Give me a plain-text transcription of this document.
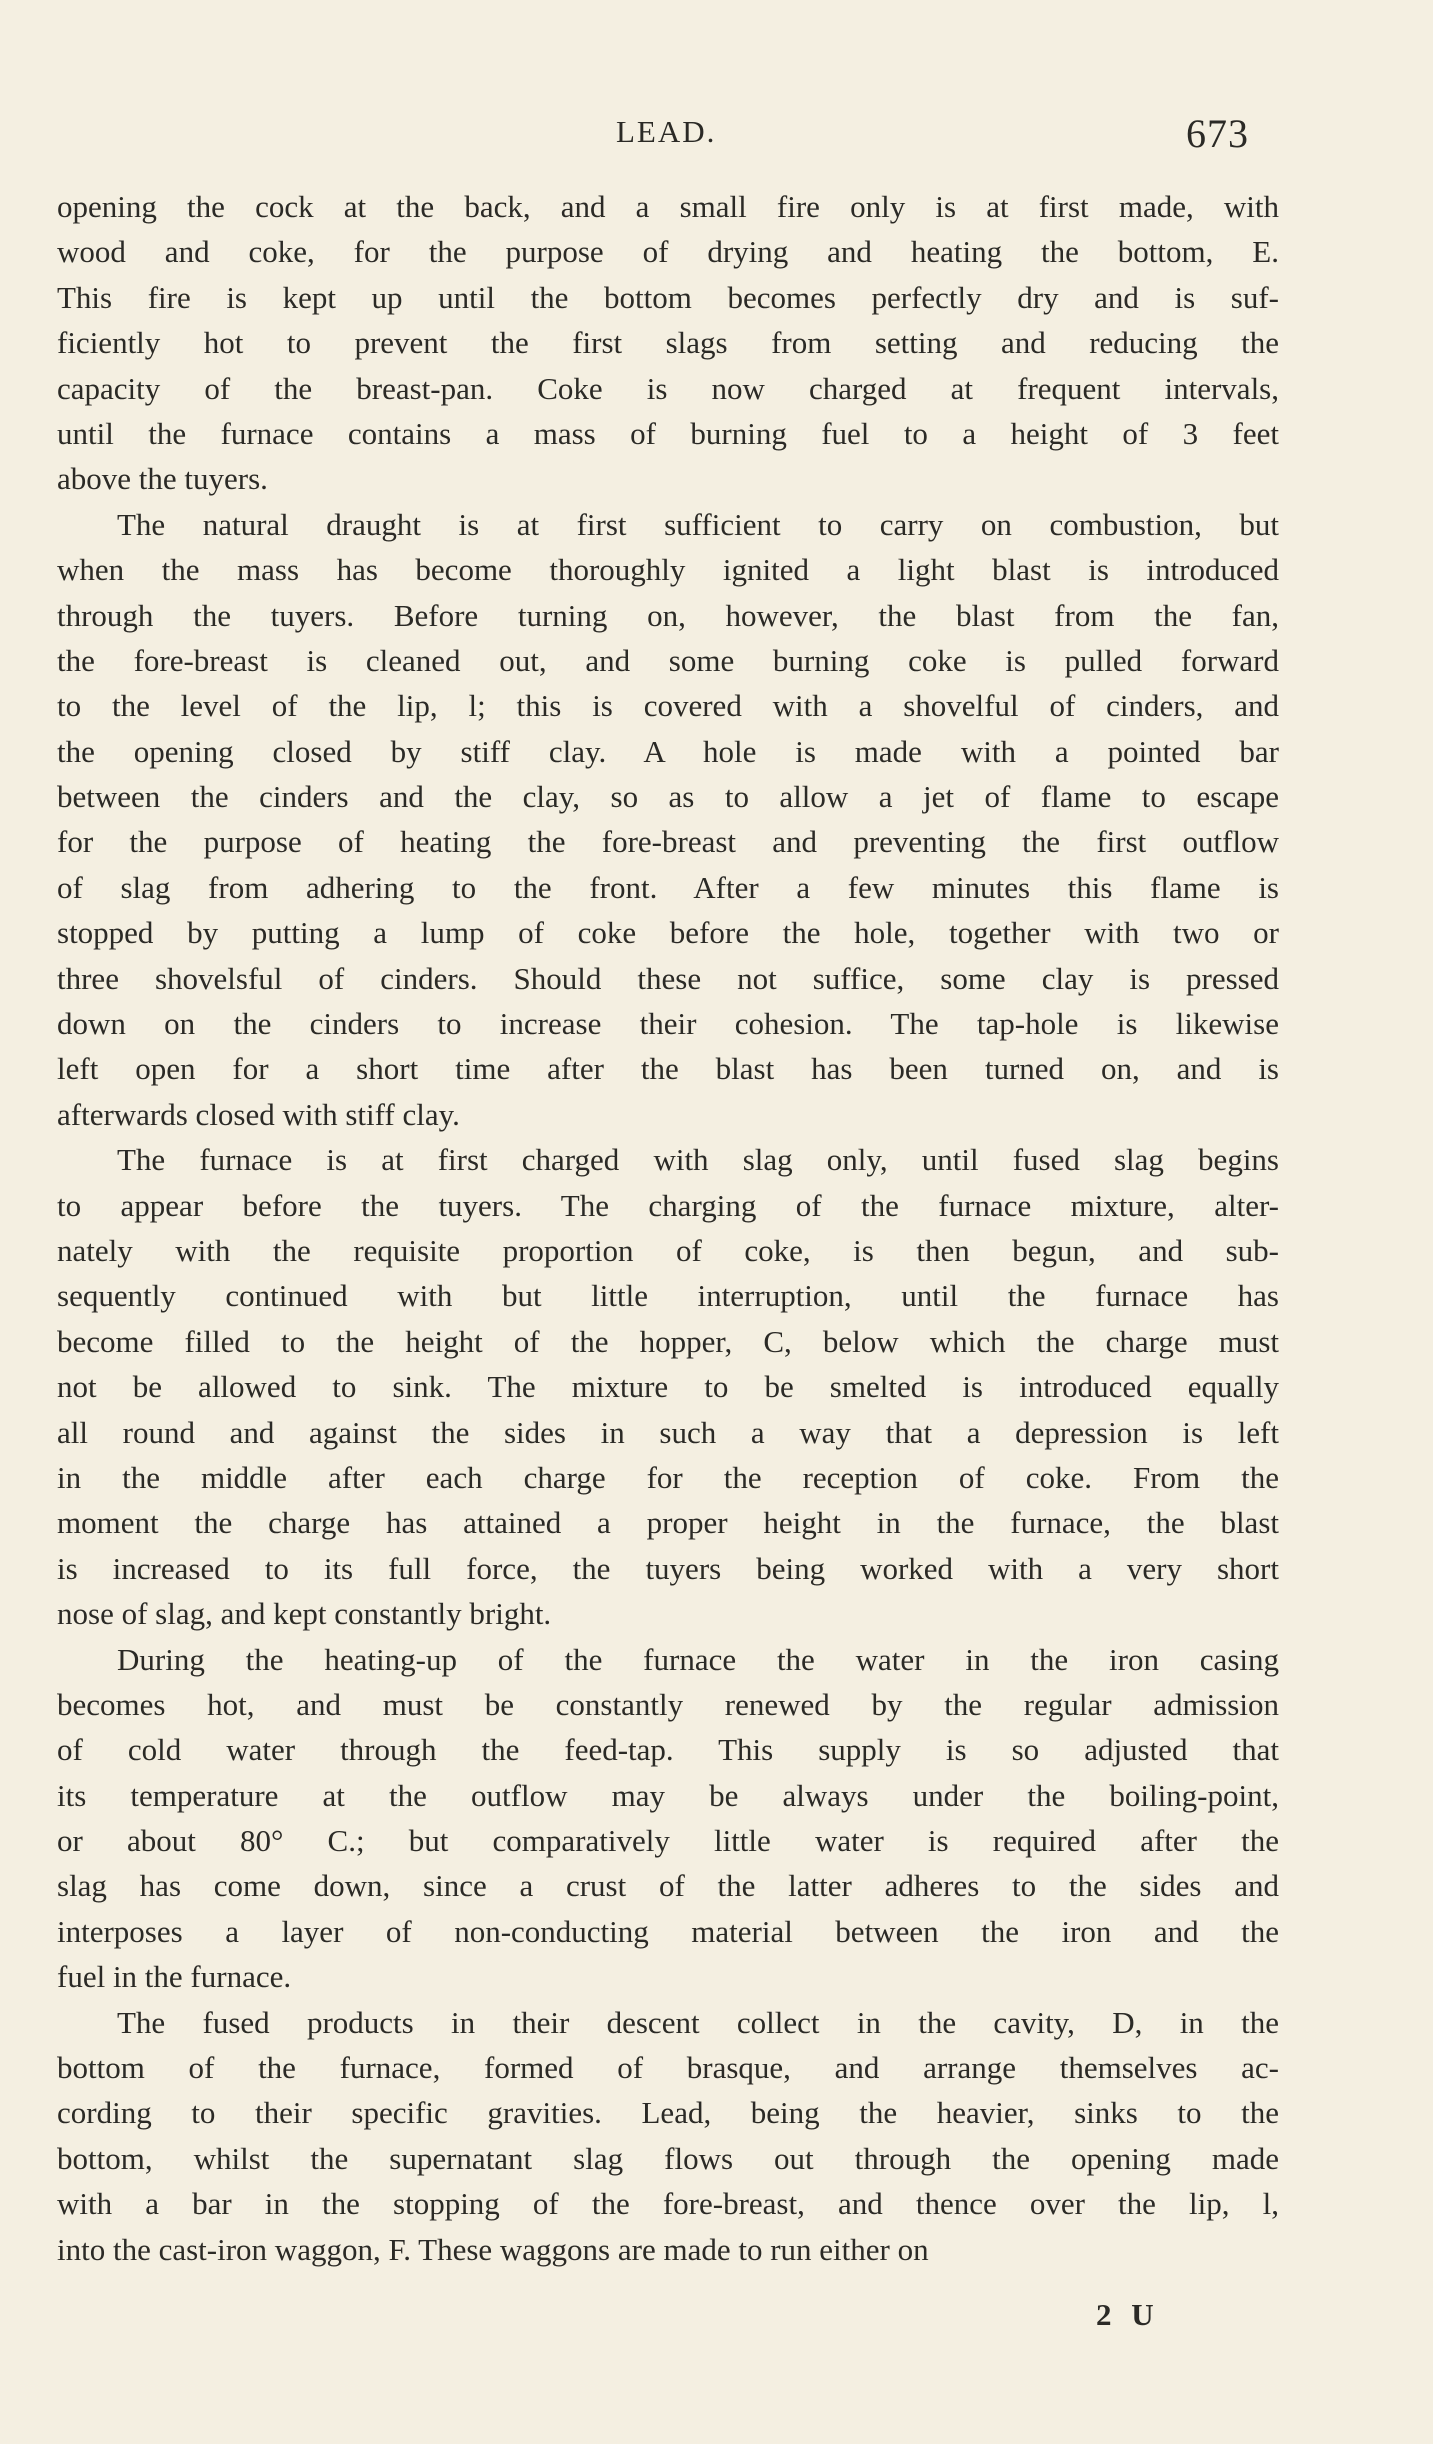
LEAD.	673
opening the cock at the back, and a small fire only is at first made, with
wood and coke, for the purpose of drying and heating the bottom, E.
This fire is kept up until the bottom becomes perfectly dry and is suf-
ficiently hot to prevent the first slags from setting and reducing the
capacity of the breast-pan. Coke is now charged at frequent intervals,
until the furnace contains a mass of burning fuel to a height of 3 feet
above the tuyers.
The natural draught is at first sufficient to carry on combustion, but
when the mass has become thoroughly ignited a light blast is introduced
through the tuyers. Before turning on, however, the blast from the fan,
the fore-breast is cleaned out, and some burning coke is pulled forward
to the level of the lip, l; this is covered with a shovelful of cinders, and
the opening closed by stiff clay. A hole is made with a pointed bar
between the cinders and the clay, so as to allow a jet of flame to escape
for the purpose of heating the fore-breast and preventing the first outflow
of slag from adhering to the front. After a few minutes this flame is
stopped by putting a lump of coke before the hole, together with two or
three shovelsful of cinders. Should these not suffice, some clay is pressed
down on the cinders to increase their cohesion. The tap-hole is likewise
left open for a short time after the blast has been turned on, and is
afterwards closed with stiff clay.
The furnace is at first charged with slag only, until fused slag begins
to appear before the tuyers. The charging of the furnace mixture, alter-
nately with the requisite proportion of coke, is then begun, and sub-
sequently continued with but little interruption, until the furnace has
become filled to the height of the hopper, C, below which the charge must
not be allowed to sink. The mixture to be smelted is introduced equally
all round and against the sides in such a way that a depression is left
in the middle after each charge for the reception of coke. From the
moment the charge has attained a proper height in the furnace, the blast
is increased to its full force, the tuyers being worked with a very short
nose of slag, and kept constantly bright.
During the heating-up of the furnace the water in the iron casing
becomes hot, and must be constantly renewed by the regular admission
of cold water through the feed-tap. This supply is so adjusted that
its temperature at the outflow may be always under the boiling-point,
or about 80° C.; but comparatively little water is required after the
slag has come down, since a crust of the latter adheres to the sides and
interposes a layer of non-conducting material between the iron and the
fuel in the furnace.
The fused products in their descent collect in the cavity, D, in the
bottom of the furnace, formed of brasque, and arrange themselves ac-
cording to their specific gravities. Lead, being the heavier, sinks to the
bottom, whilst the supernatant slag flows out through the opening made
with a bar in the stopping of the fore-breast, and thence over the lip, l,
into the cast-iron waggon, F. These waggons are made to run either on
2 U
